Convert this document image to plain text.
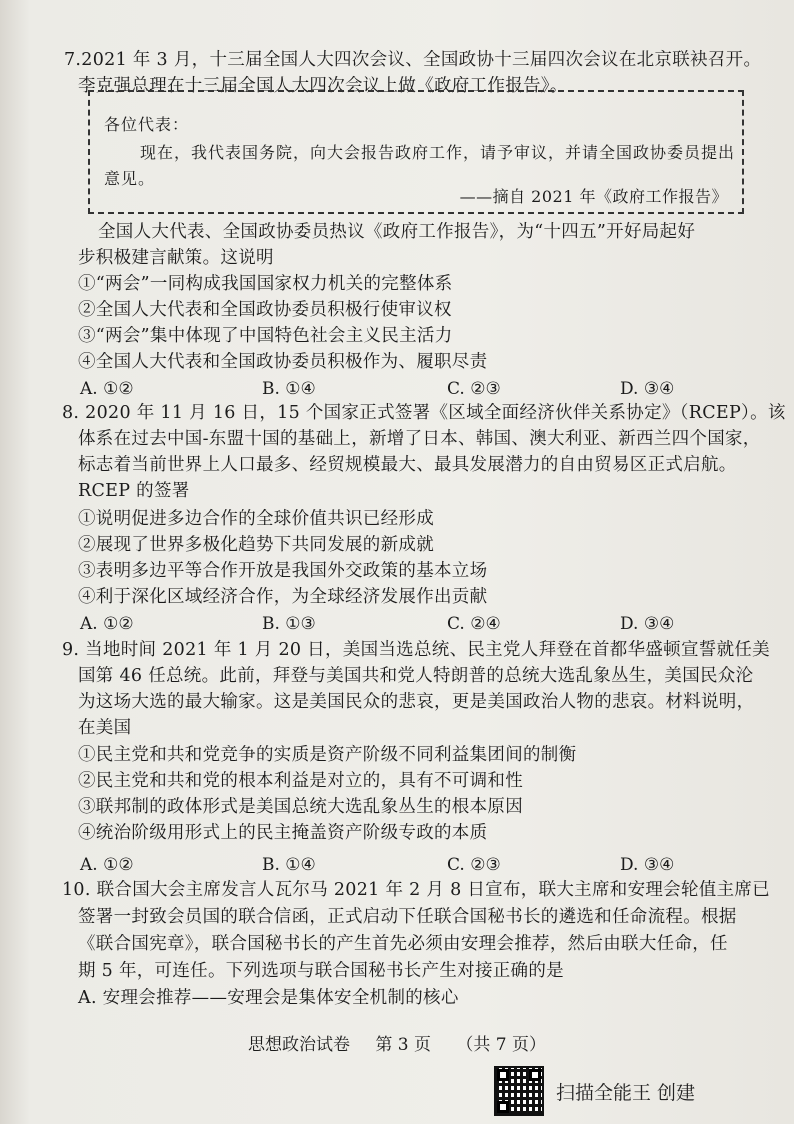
7.2021 年 3 月，十三届全国人大四次会议、全国政协十三届四次会议在北京联袂召开。
李克强总理在十三届全国人大四次会议上做《政府工作报告》。
各位代表：
现在，我代表国务院，向大会报告政府工作，请予审议，并请全国政协委员提出
意见。
——摘自 2021 年《政府工作报告》
全国人大代表、全国政协委员热议《政府工作报告》，为“十四五”开好局起好
步积极建言献策。这说明
①“两会”一同构成我国国家权力机关的完整体系
②全国人大代表和全国政协委员积极行使审议权
③“两会”集中体现了中国特色社会主义民主活力
④全国人大代表和全国政协委员积极作为、履职尽责
A. ①②	B. ①④	C. ②③	D. ③④
8. 2020 年 11 月 16 日，15 个国家正式签署《区域全面经济伙伴关系协定》（RCEP）。该
体系在过去中国-东盟十国的基础上，新增了日本、韩国、澳大利亚、新西兰四个国家，
标志着当前世界上人口最多、经贸规模最大、最具发展潜力的自由贸易区正式启航。
RCEP 的签署
①说明促进多边合作的全球价值共识已经形成
②展现了世界多极化趋势下共同发展的新成就
③表明多边平等合作开放是我国外交政策的基本立场
④利于深化区域经济合作，为全球经济发展作出贡献
A. ①②	B. ①③	C. ②④	D. ③④
9. 当地时间 2021 年 1 月 20 日，美国当选总统、民主党人拜登在首都华盛顿宣誓就任美
国第 46 任总统。此前，拜登与美国共和党人特朗普的总统大选乱象丛生，美国民众沦
为这场大选的最大输家。这是美国民众的悲哀，更是美国政治人物的悲哀。材料说明，
在美国
①民主党和共和党竞争的实质是资产阶级不同利益集团间的制衡
②民主党和共和党的根本利益是对立的，具有不可调和性
③联邦制的政体形式是美国总统大选乱象丛生的根本原因
④统治阶级用形式上的民主掩盖资产阶级专政的本质
A. ①②	B. ①④	C. ②③	D. ③④
10. 联合国大会主席发言人瓦尔马 2021 年 2 月 8 日宣布，联大主席和安理会轮值主席已
签署一封致会员国的联合信函，正式启动下任联合国秘书长的遴选和任命流程。根据
《联合国宪章》，联合国秘书长的产生首先必须由安理会推荐，然后由联大任命，任
期 5 年，可连任。下列选项与联合国秘书长产生对接正确的是
A. 安理会推荐——安理会是集体安全机制的核心
思想政治试卷 第 3 页 （共 7 页）
扫描全能王 创建
